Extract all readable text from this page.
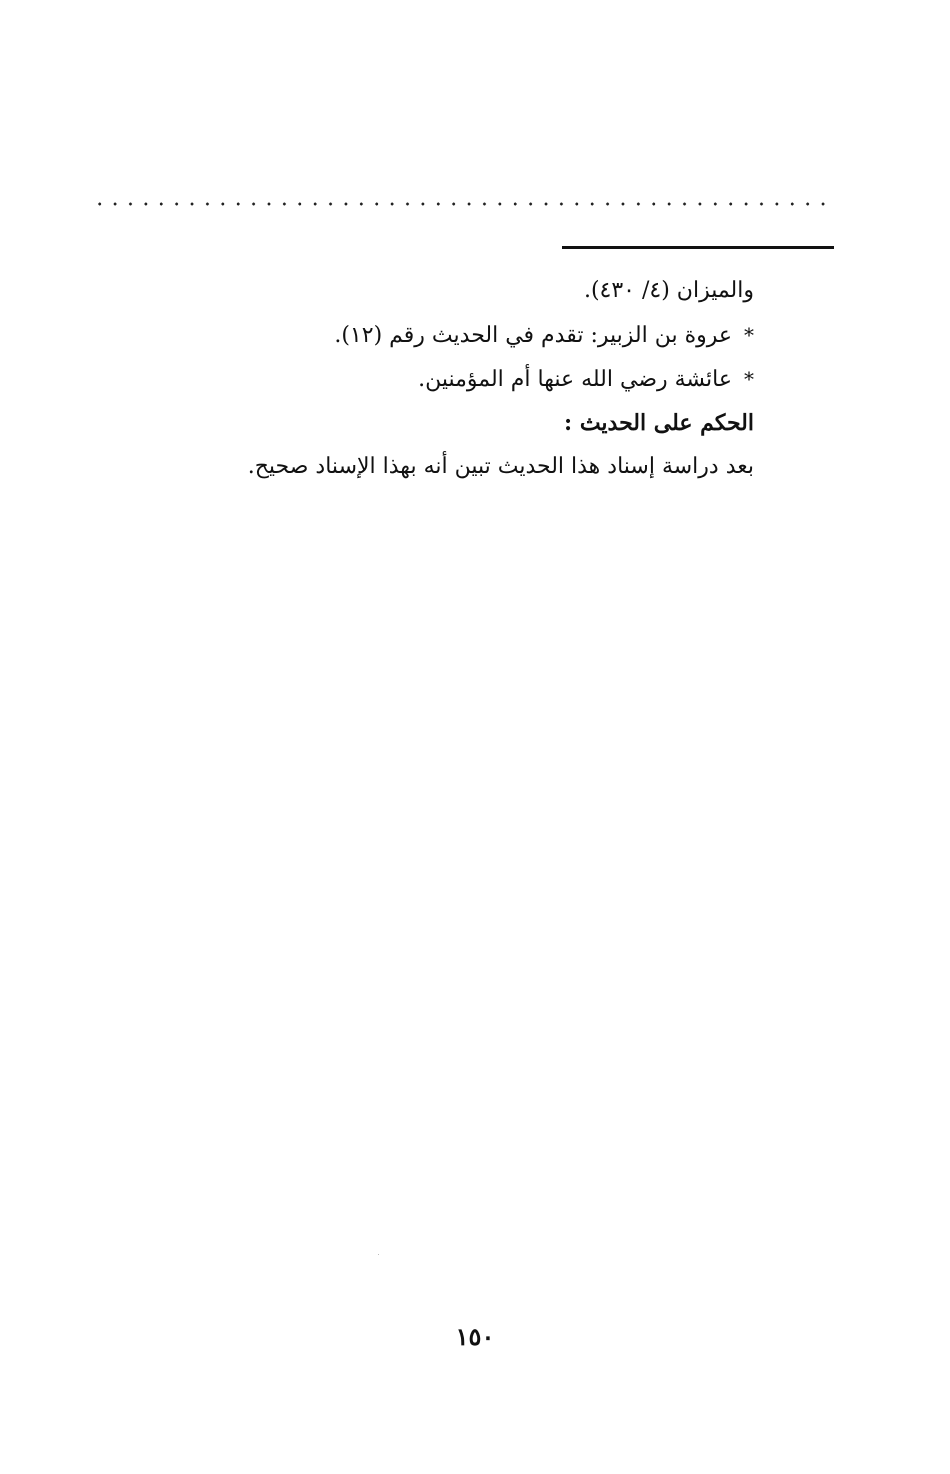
والميزان (٤/ ٤٣٠).
*عروة بن الزبير: تقدم في الحديث رقم (١٢).
*عائشة رضي الله عنها أم المؤمنين.
الحكم على الحديث :
بعد دراسة إسناد هذا الحديث تبين أنه بهذا الإسناد صحيح.
١٥٠
